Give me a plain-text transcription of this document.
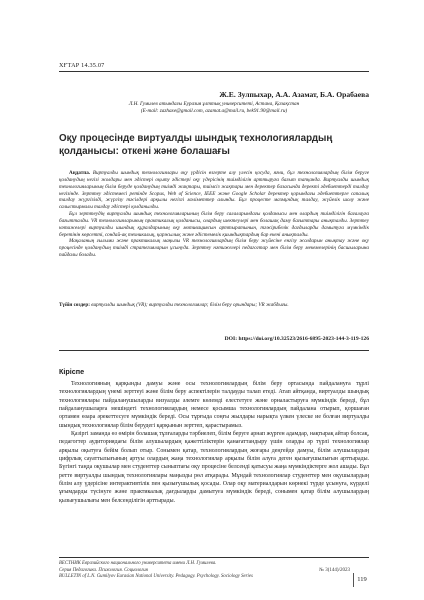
ХҒТАР 14.35.07
Ж.Е. Зулпыхар, А.А. Азамат, Б.А. Орабаева
Л.Н. Гумилев атындағы Еуразия ұлттық университеті, Астана, Қазақстан
(E-mail: zazhaxe@gmail.com, azamat.a@mail.ru, bek91.90@mail.ru)
Оқу процесінде виртуалды шындық технологиялардың
қолданысы: откені және болашағы

Аңдатпа. Виртуалды шындық технологиялары оқу үрдісін өзгерте алу үлесін қосуда, яғни, бұл технологиялардың білім беруге қолданудың негізі жолдары мен әдістері оқыту әдістері оқу үдерісінің тиімділігін арттыруға бағыт тапқанда. Виртуалды шындық технологияларының білім беруде қолданудың тиімді жақтары, тиімсіз жақтары мен деректер базасында деректі әдебиеттерді талдау негізінде. Зерттеу әдістемесі ретінде Scopus, Web of Science, IEEE және Google Scholar деректер қорындағы әдебиеттерге сапалық талдау жүргізілді, жүргізу тәсілдері арқылы негізгі мәліметтер алынды. Бұл процесте мазмұндық талдау, жүйелік шолу және салыстырмалы талдау әдістері қолданылды.

Бұл зерттеудің виртуалды шындық технологияларының білім беру салаларындағы қолданысы мен олардың тиімділігін бағалауға бағытталды. VR технологияларының практикалық қолданысы, олардың шектеулері мен болашақ даму бағыттары анықталды. Зерттеу нәтижелері виртуалды шындық құралдарының оқу мотивациясын арттыратынын, тәжірибелік дағдыларды дамытуға мүмкіндік беретінін көрсетті, сондай-ақ техникалық, қаржылық және әдістемелік қиындықтардың бар екені анықталды.

Мақаланың ғылыми және практикалық маңызы VR технологиялардың білім беру жүйесіне енгізу жолдарын анықтау және оқу процесінде қолданудың тиімді стратегияларын ұсынуда. Зерттеу нәтижелері педагогтар мен білім беру мекемелерінің басшыларына пайдалы болады.

Түйін сөздер: виртуалды шындық (VR); виртуалды технологиялар; білім беру орындары; VR жабдығы.
DOI: https://doi.org/10.32523/2616-6895-2023-144-3-119-126
Кіріспе

Технологияның қарқынды дамуы және осы технологиялардың білім беру ортасында пайдалануға тұрлі технологиялардың үнемі зерттеуі және білім беру аспектілерін талдауды талап етеді. Атап айтқанда, виртуалды шындық технологиялары пайдаланушыларды визуалды әлемге көлемді елестетуге және орналастыруға мүмкіндік береді, бұл пайдаланушыларға мешіндеті технологиялардың немесе қосымша технологиялардың пайдалана отырып, қоршаған ортамен өзара әрекеттесуге мүмкіндік береді. Осы тұрғыда соңғы жылдары нарықта үлкен үлеске ие болған виртуалды шындық технологиялар білім берудегі қарқынын зерттеп, қарастырамыз.

Қазіргі заманда өз өмірін болашақ тұлғаларды тәрбиелеп, білім беруге арнап жүрген адамдар, нақтырақ айтар болсақ, педагогтер аудиториядағы білім алушылардың қажеттіліктерін қанағаттандыру үшін оларды әр түрлі технологиялар арқылы оқытуға бейім болып отыр. Сонымен қатар, технологиялардың жоғары деңгейде дамуы, білім алушылардың цифрлық сауаттылығының артуы олардың жаңа технологиялар арқылы білім алуға деген қызығушылығын арттырады. Бүгінгі таңда оқушылар мен студенттер сыныптағы оқу процесіне белсенді қатысуы жаңа мүмкіндіктерге жол ашады. Бұл ретте виртуалды шындық технологиялары маңызды рөл атқарады. Мұндай технологиялар студенттер мен оқушылардың білім алу үдерісіне интерактивтілік пен қызығушылық қосады. Олар оқу материалдарын көрнекі түрде ұсынуға, күрделі ұғымдарды түсінуге және практикалық дағдыларды дамытуға мүмкіндік береді, сонымен қатар білім алушылардың қызығушылығы мен белсенділігін арттырады.

ВЕСТНИК Евразийского национального университета имени Л.Н. Гумилева.
Серия Педагогика. Психология. Социология
BULLETIN of L.N. Gumilyov Eurasian National University. Pedagogy. Psychology. Sociology Series
№ 3(144)/2023
119
